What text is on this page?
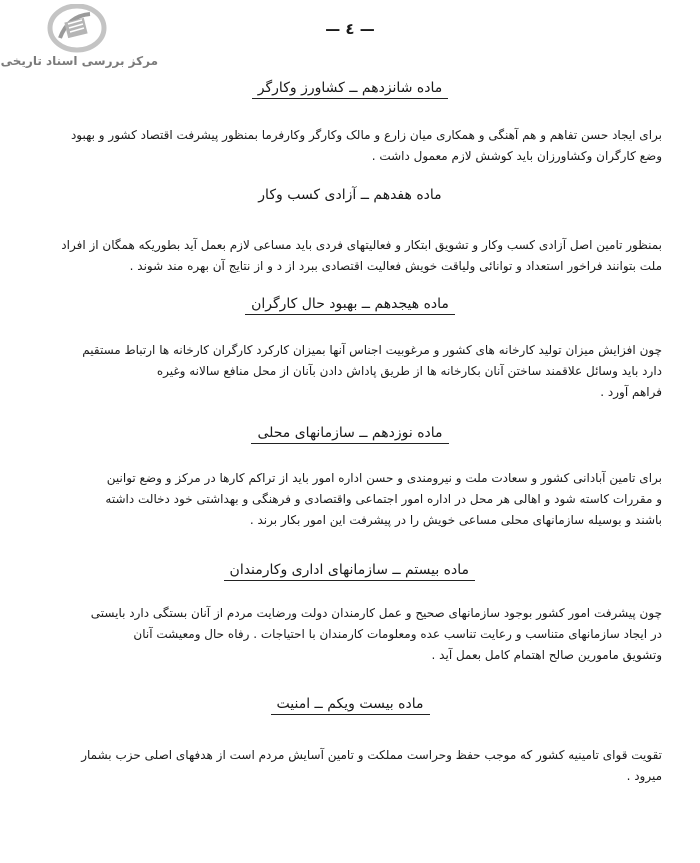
مرکز بررسی اسناد تاریخی
— ٤ —
ماده شانزدهم ــ کشاورز وکارگر
برای ایجاد حسن تفاهم و هم آهنگی و همکاری میان زارع و مالک وکارگر وکارفرما بمنظور پیشرفت اقتصاد کشور و بهبود
وضع کارگران وکشاورزان باید کوشش لازم معمول داشت .
ماده هفدهم ــ آزادی کسب وکار
بمنظور تامین اصل آزادی کسب وکار و تشویق ابتکار و فعالیتهای فردی باید مساعی لازم بعمل آید بطوریکه همگان از افراد
ملت بتوانند فراخور استعداد و توانائی ولیاقت خویش فعالیت اقتصادی ببرد از د و از نتایج آن بهره مند شوند .
ماده هیجدهم ــ بهبود حال کارگران
چون افزایش میزان تولید کارخانه های کشور و مرغوبیت اجناس آنها بمیزان کارکرد کارگران کارخانه ها ارتباط مستقیم
دارد باید وسائل علاقمند ساختن آنان بکارخانه ها از طریق پاداش دادن بآنان از محل منافع سالانه وغیره
فراهم آورد .
ماده نوزدهم ــ سازمانهای محلی
برای تامین آبادانی کشور و سعادت ملت و نیرومندی و حسن اداره امور باید از تراکم کارها در مرکز و وضع توانین
و مقررات کاسته شود و اهالی هر محل در اداره امور اجتماعی واقتصادی و فرهنگی و بهداشتی خود دخالت داشته
باشند و بوسیله سازمانهای محلی مساعی خویش را در پیشرفت این امور بکار برند .
ماده بیستم ــ سازمانهای اداری وکارمندان
چون پیشرفت امور کشور بوجود سازمانهای صحیح و عمل کارمندان دولت ورضایت مردم از آنان بستگی دارد بایستی
در ایجاد سازمانهای متناسب و رعایت تناسب عده ومعلومات کارمندان با احتیاجات . رفاه حال ومعیشت آنان
وتشویق مامورین صالح اهتمام کامل بعمل آید .
ماده بیست ویکم ــ امنیت
تقویت قوای تامینیه کشور که موجب حفظ وحراست مملکت و تامین آسایش مردم است از هدفهای اصلی حزب بشمار
میرود .
